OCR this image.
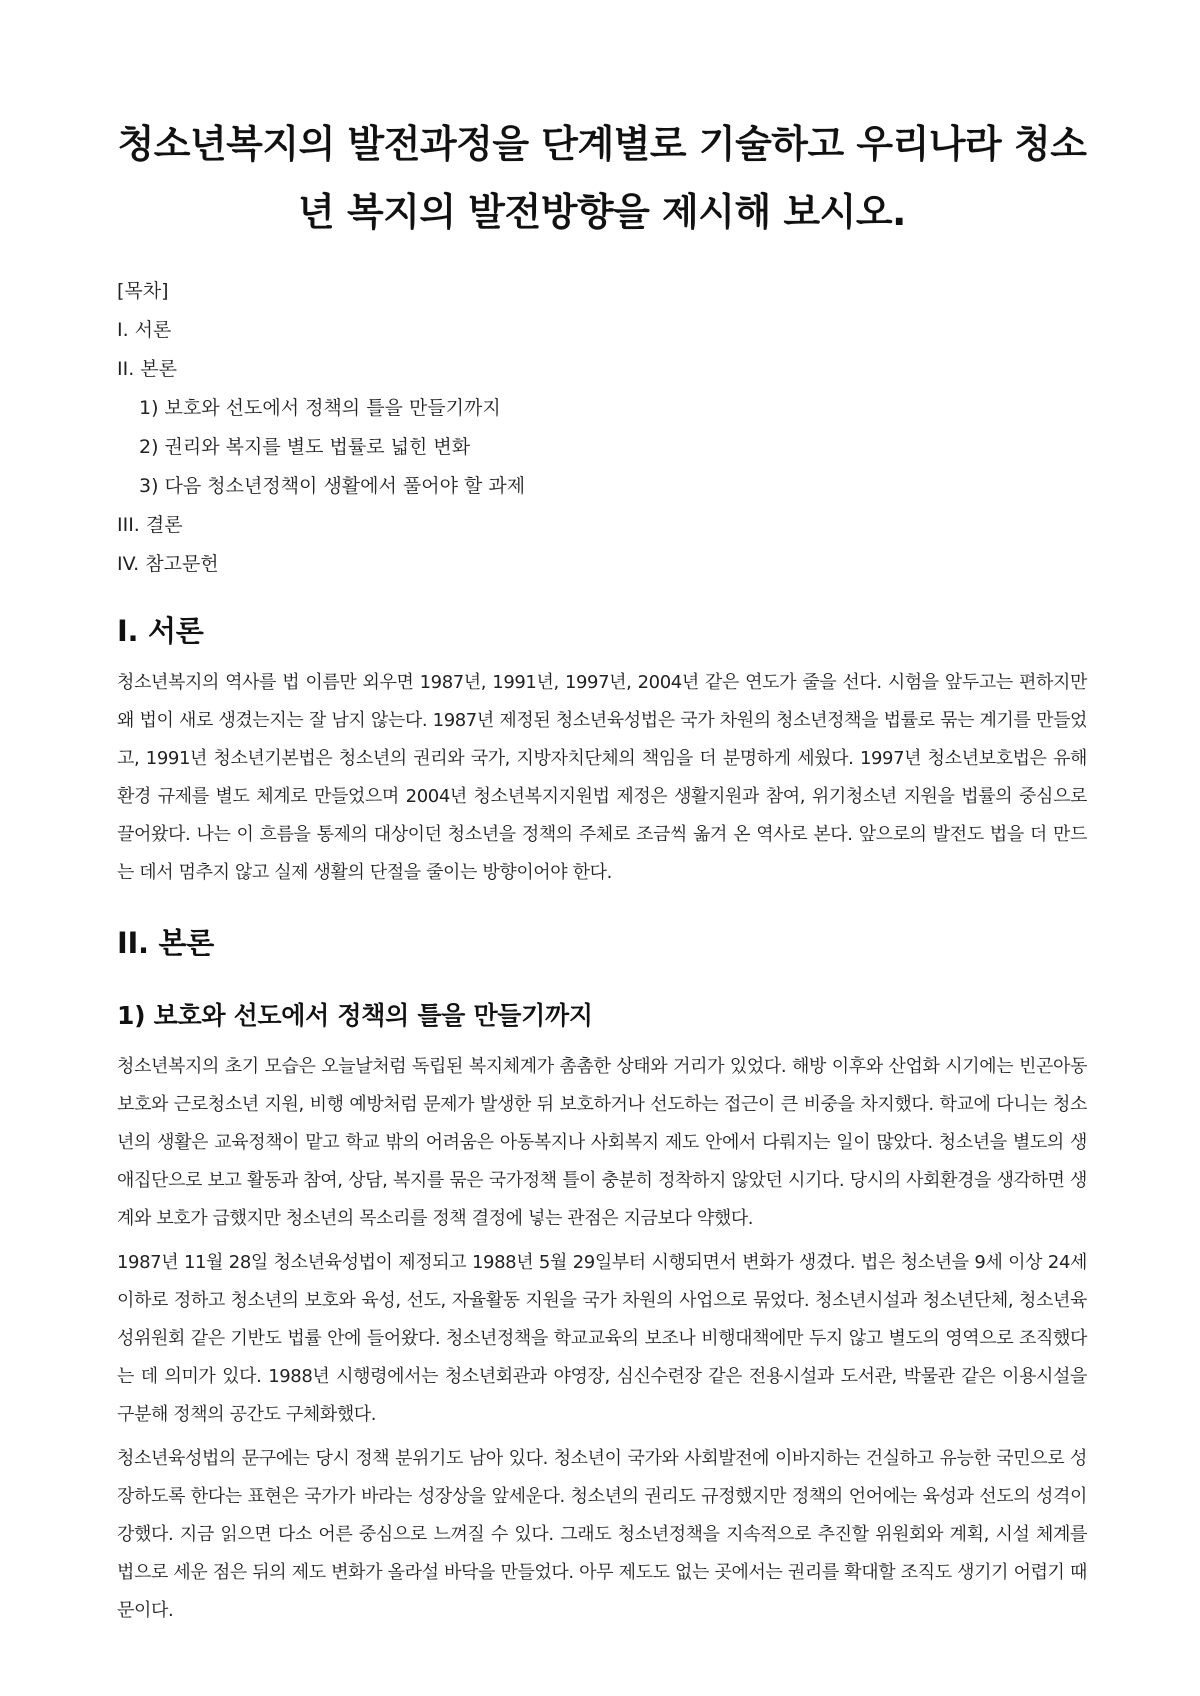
청소년복지의 발전과정을 단계별로 기술하고 우리나라 청소년 복지의 발전방향을 제시해 보시오.
[목차]
I. 서론
II. 본론
1) 보호와 선도에서 정책의 틀을 만들기까지
2) 권리와 복지를 별도 법률로 넓힌 변화
3) 다음 청소년정책이 생활에서 풀어야 할 과제
III. 결론
IV. 참고문헌
I. 서론

청소년복지의 역사를 법 이름만 외우면 1987년, 1991년, 1997년, 2004년 같은 연도가 줄을 선다. 시험을 앞두고는 편하지만 왜 법이 새로 생겼는지는 잘 남지 않는다. 1987년 제정된 청소년육성법은 국가 차원의 청소년정책을 법률로 묶는 계기를 만들었고, 1991년 청소년기본법은 청소년의 권리와 국가, 지방자치단체의 책임을 더 분명하게 세웠다. 1997년 청소년보호법은 유해환경 규제를 별도 체계로 만들었으며 2004년 청소년복지지원법 제정은 생활지원과 참여, 위기청소년 지원을 법률의 중심으로 끌어왔다. 나는 이 흐름을 통제의 대상이던 청소년을 정책의 주체로 조금씩 옮겨 온 역사로 본다. 앞으로의 발전도 법을 더 만드는 데서 멈추지 않고 실제 생활의 단절을 줄이는 방향이어야 한다.

II. 본론
1) 보호와 선도에서 정책의 틀을 만들기까지

청소년복지의 초기 모습은 오늘날처럼 독립된 복지체계가 촘촘한 상태와 거리가 있었다. 해방 이후와 산업화 시기에는 빈곤아동 보호와 근로청소년 지원, 비행 예방처럼 문제가 발생한 뒤 보호하거나 선도하는 접근이 큰 비중을 차지했다. 학교에 다니는 청소년의 생활은 교육정책이 맡고 학교 밖의 어려움은 아동복지나 사회복지 제도 안에서 다뤄지는 일이 많았다. 청소년을 별도의 생애집단으로 보고 활동과 참여, 상담, 복지를 묶은 국가정책 틀이 충분히 정착하지 않았던 시기다. 당시의 사회환경을 생각하면 생계와 보호가 급했지만 청소년의 목소리를 정책 결정에 넣는 관점은 지금보다 약했다.

1987년 11월 28일 청소년육성법이 제정되고 1988년 5월 29일부터 시행되면서 변화가 생겼다. 법은 청소년을 9세 이상 24세 이하로 정하고 청소년의 보호와 육성, 선도, 자율활동 지원을 국가 차원의 사업으로 묶었다. 청소년시설과 청소년단체, 청소년육성위원회 같은 기반도 법률 안에 들어왔다. 청소년정책을 학교교육의 보조나 비행대책에만 두지 않고 별도의 영역으로 조직했다는 데 의미가 있다. 1988년 시행령에서는 청소년회관과 야영장, 심신수련장 같은 전용시설과 도서관, 박물관 같은 이용시설을 구분해 정책의 공간도 구체화했다.

청소년육성법의 문구에는 당시 정책 분위기도 남아 있다. 청소년이 국가와 사회발전에 이바지하는 건실하고 유능한 국민으로 성장하도록 한다는 표현은 국가가 바라는 성장상을 앞세운다. 청소년의 권리도 규정했지만 정책의 언어에는 육성과 선도의 성격이 강했다. 지금 읽으면 다소 어른 중심으로 느껴질 수 있다. 그래도 청소년정책을 지속적으로 추진할 위원회와 계획, 시설 체계를 법으로 세운 점은 뒤의 제도 변화가 올라설 바닥을 만들었다. 아무 제도도 없는 곳에서는 권리를 확대할 조직도 생기기 어렵기 때문이다.
